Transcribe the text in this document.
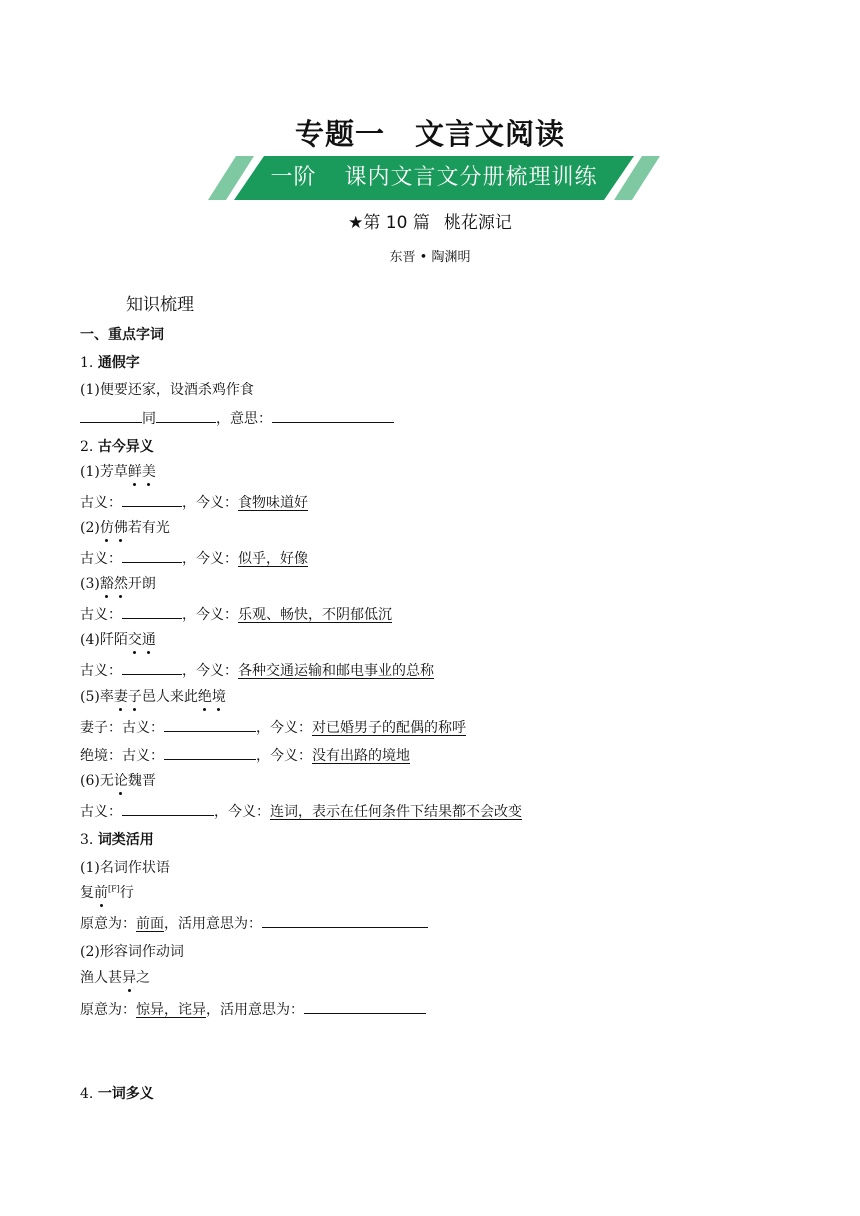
专题一 文言文阅读
一阶 课内文言文分册梳理训练
★第 10 篇 桃花源记
东晋 • 陶渊明
知识梳理
一、重点字词
1. 通假字
(1)便要还家，设酒杀鸡作食
同	，意思：
2. 古今异义
(1)芳草鲜美
古义：	，今义：食物味道好
(2)仿佛若有光
古义：	，今义：似乎，好像
(3)豁然开朗
古义：	，今义：乐观、畅快，不阴郁低沉
(4)阡陌交通
古义：	，今义：各种交通运输和邮电事业的总称
(5)率妻子邑人来此绝境
妻子：古义：	，今义：对已婚男子的配偶的称呼
绝境：古义：	，今义：没有出路的境地
(6)无论魏晋
古义：	，今义：连词，表示在任何条件下结果都不会改变
3. 词类活用
(1)名词作状语
复前[F]行
原意为：前面，活用意思为：
(2)形容词作动词
渔人甚异之
原意为：惊异，诧异，活用意思为：
4. 一词多义
